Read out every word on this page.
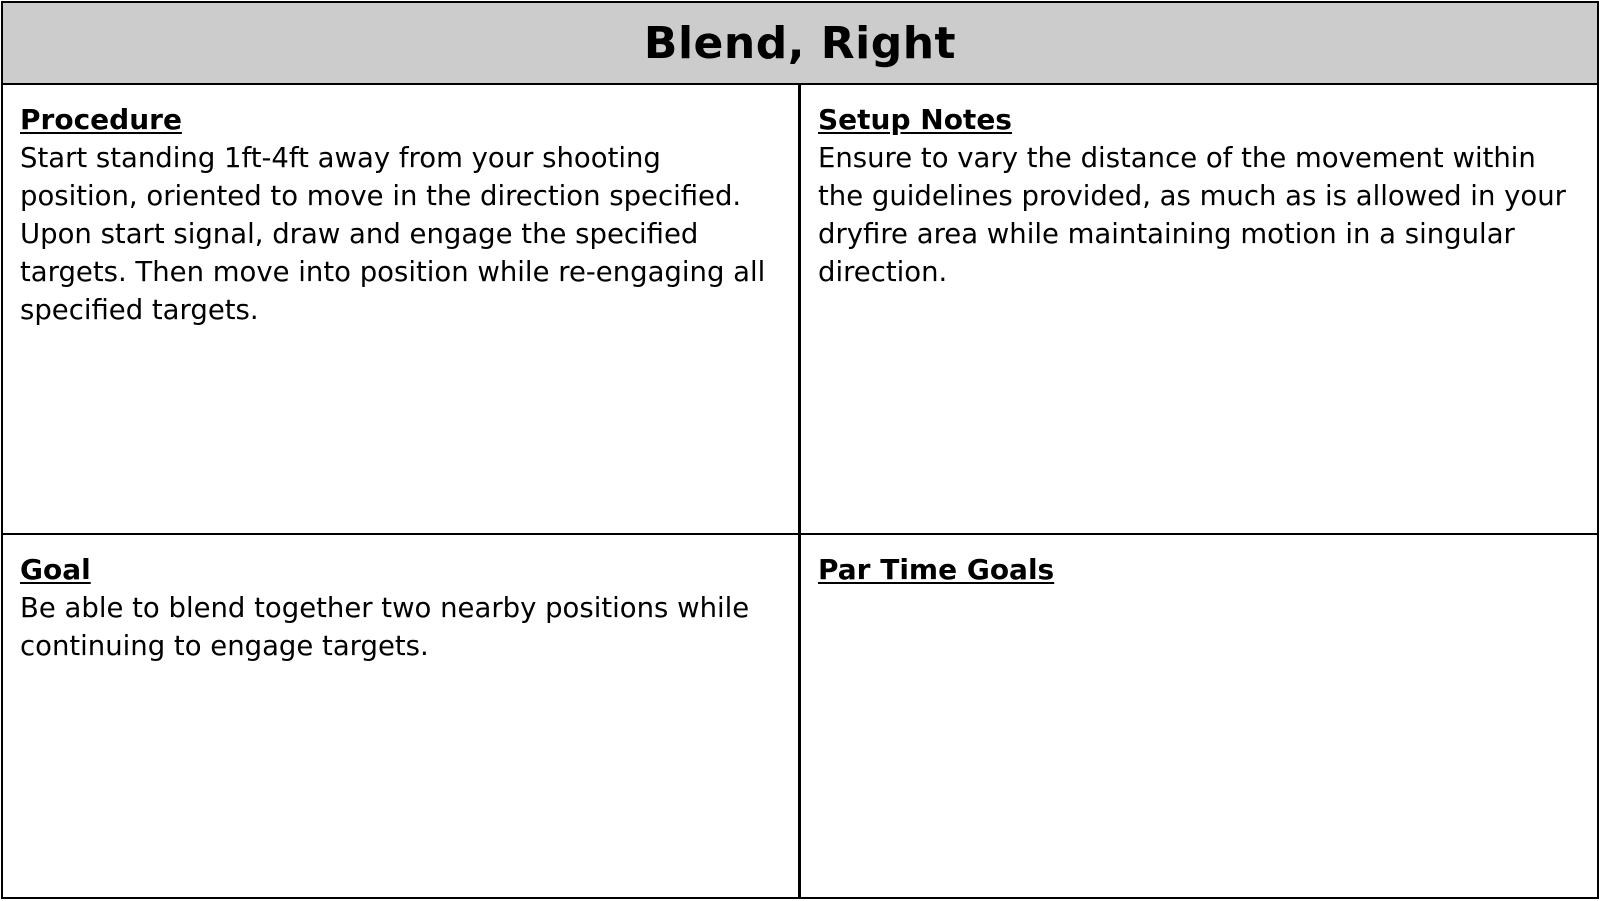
Blend, Right

Procedure

Start standing 1ft-4ft away from your shooting position, oriented to move in the direction specified. Upon start signal, draw and engage the specified targets. Then move into position while re-engaging all specified targets.

Setup Notes

Ensure to vary the distance of the movement within the guidelines provided, as much as is allowed in your dryfire area while maintaining motion in a singular direction.

Goal

Be able to blend together two nearby positions while continuing to engage targets.

Par Time Goals
